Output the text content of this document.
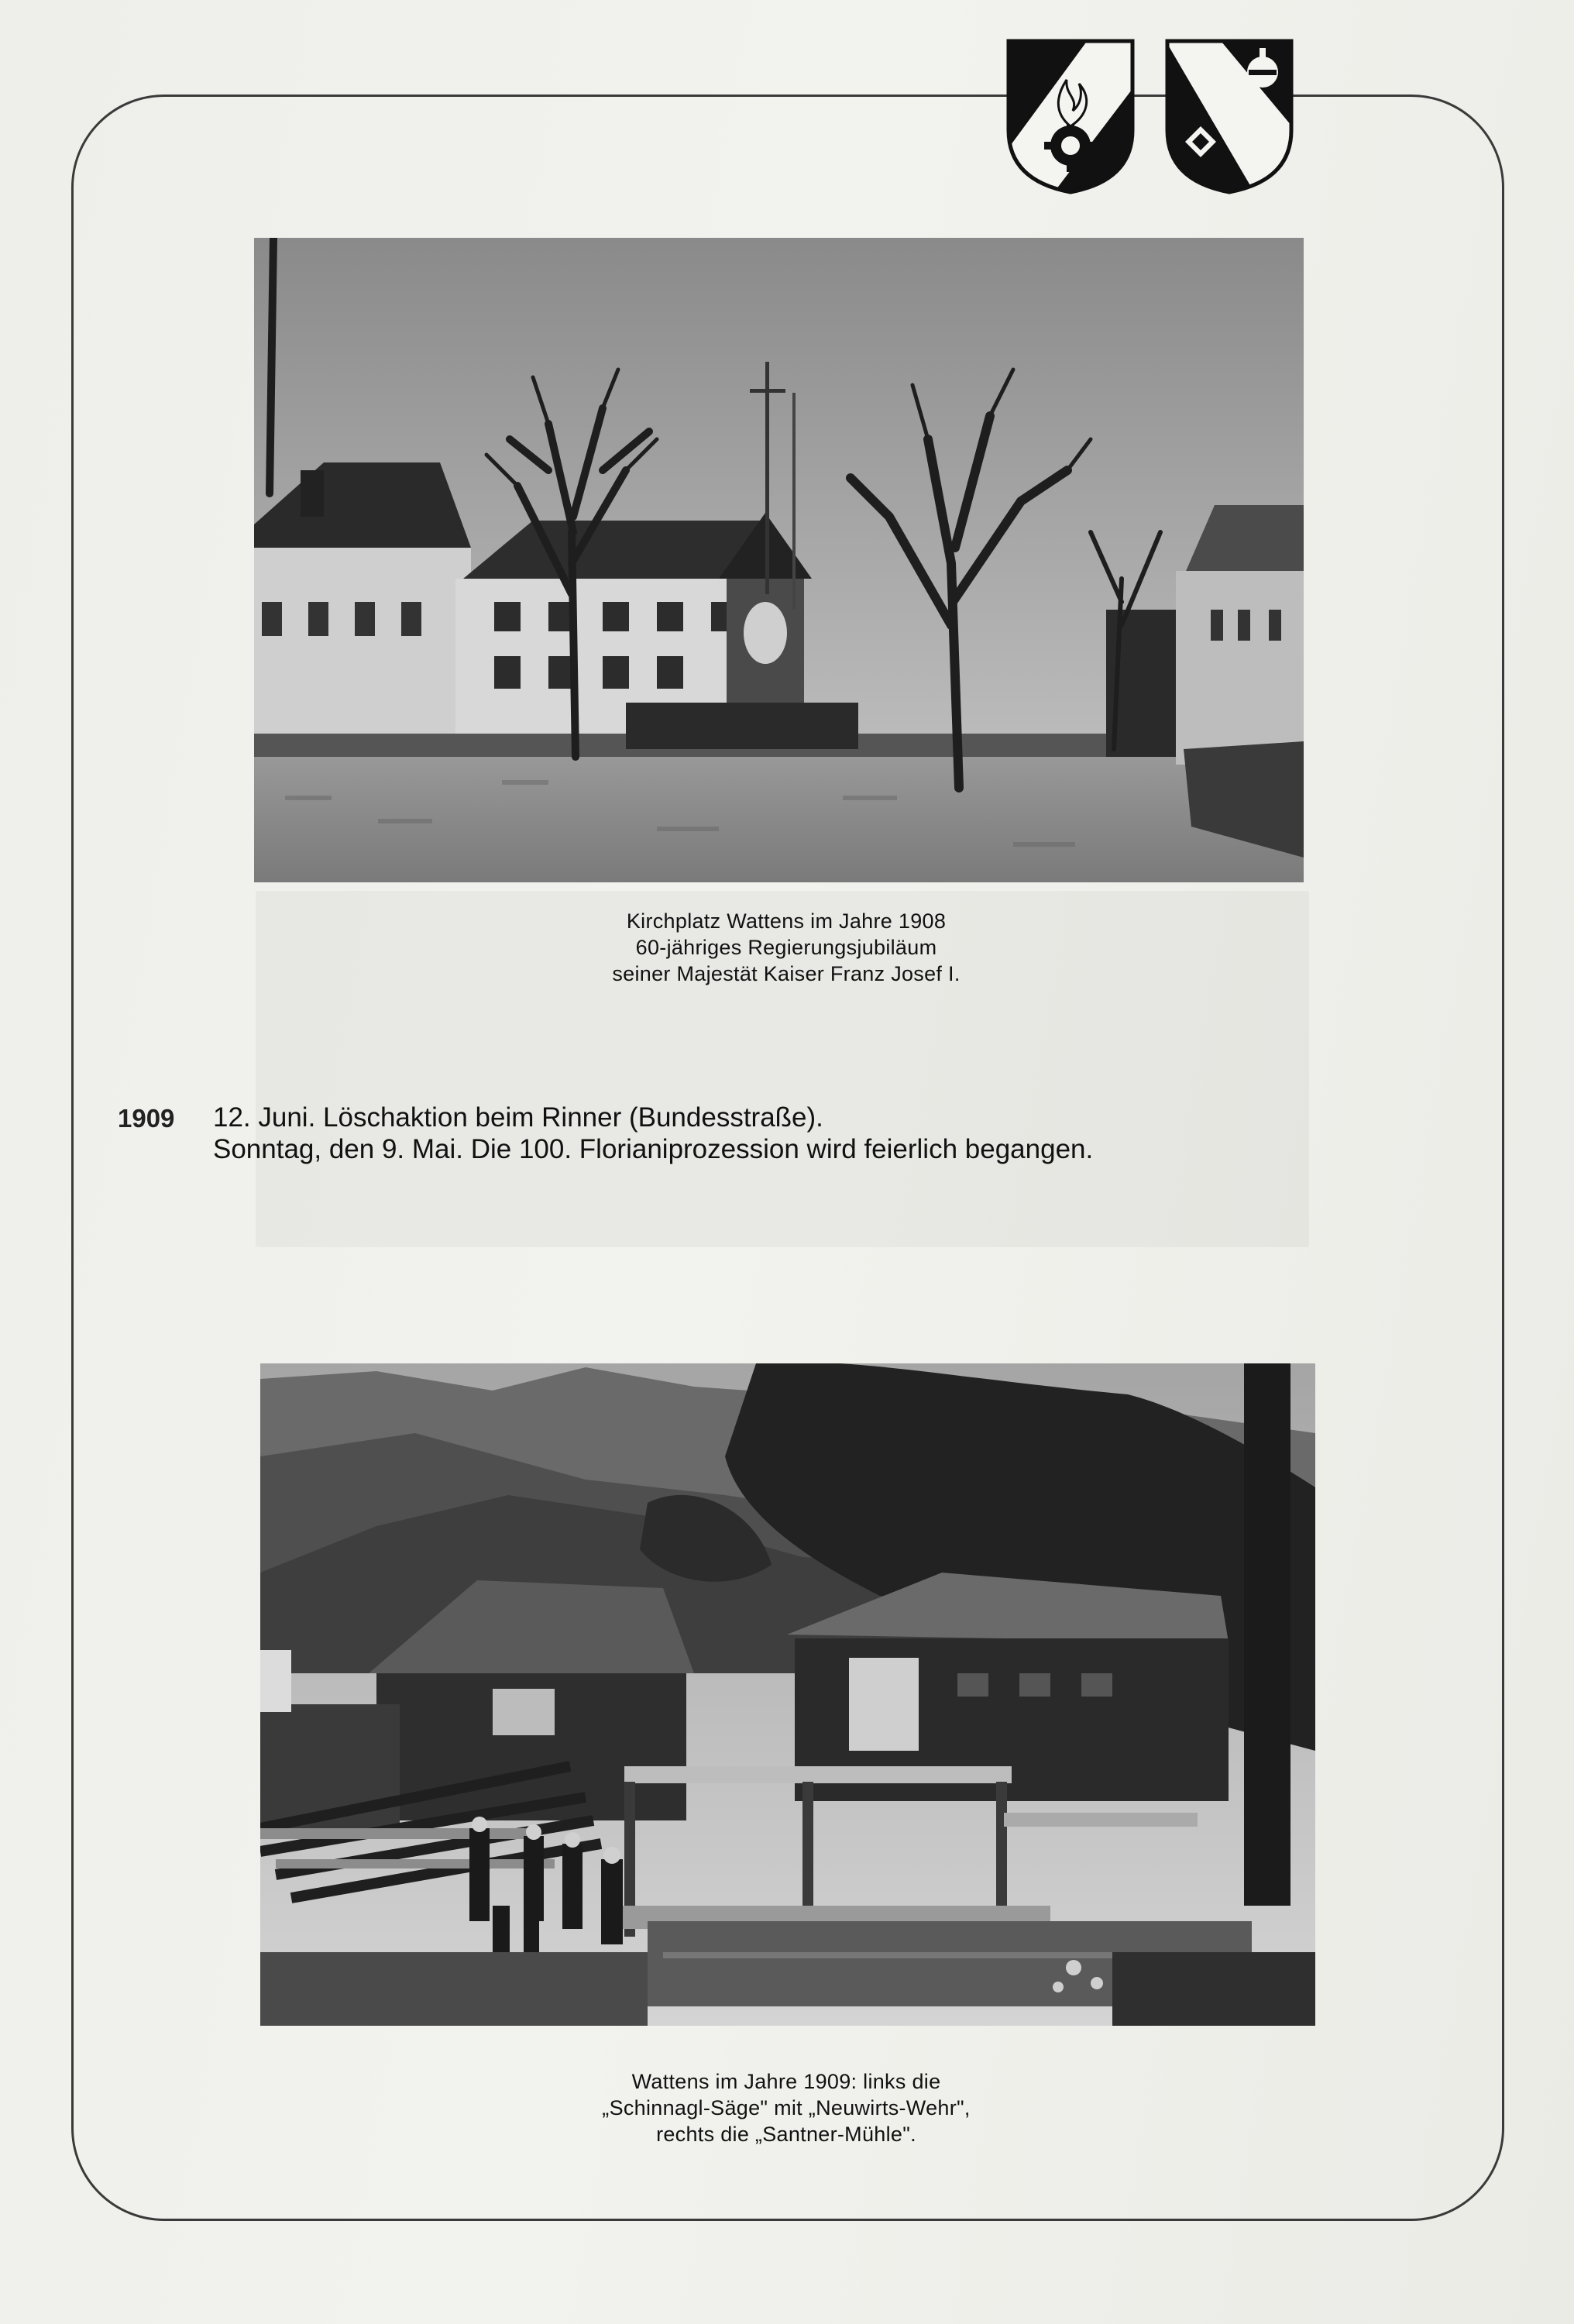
Kirchplatz Wattens im Jahre 1908
60-jähriges Regierungsjubiläum
seiner Majestät Kaiser Franz Josef I.
1909 12. Juni. Löschaktion beim Rinner (Bundesstraße).
Sonntag, den 9. Mai. Die 100. Florianiprozession wird feierlich begangen.
Wattens im Jahre 1909: links die
„Schinnagl-Säge" mit „Neuwirts-Wehr",
rechts die „Santner-Mühle".
